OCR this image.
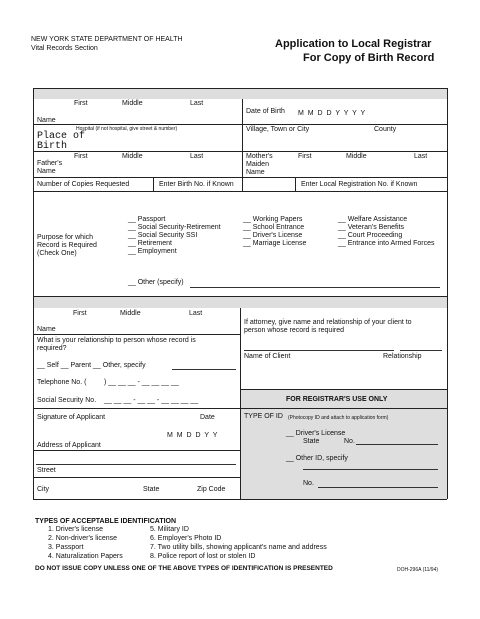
NEW YORK STATE DEPARTMENT OF HEALTH
Vital Records Section	Application to Local Registrar
For Copy of Birth Record
First	Middle	Last
Date of Birth M M D D Y Y Y Y
Name
Hospital (if not hospital, give street & number)
Place of
Birth
Village, Town or City	County
First	Middle	Last
Father's
Name
Mother's
Maiden
Name
First	Middle	Last
Number of Copies Requested	Enter Birth No. if Known	Enter Local Registration No. if Known
Purpose for which
Record is Required
(Check One)
__ Passport
__ Social Security-Retirement
__ Social Security SSI
__ Retirement
__ Employment
__ Working Papers
__ School Entrance
__ Driver's License
__ Marriage License
__ Welfare Assistance
__ Veteran's Benefits
__ Court Proceeding
__ Entrance into Armed Forces
__ Other (specify)
First	Middle	Last
Name
What is your relationship to person whose record is
required?
__ Self __ Parent __ Other, specify
Telephone No. (	) __ __ __ - __ __ __ __
Social Security No. __ __ __ - __ __ - __ __ __ __
Signature of Applicant	Date
M M D D Y Y
Address of Applicant
Street
City	State	Zip Code
If attorney, give name and relationship of your client to
person whose record is required
Name of Client	Relationship
FOR REGISTRAR'S USE ONLY
TYPE OF ID (Photocopy ID and attach to application form)
__ Driver's License
State	No.
__ Other ID, specify
No.
TYPES OF ACCEPTABLE IDENTIFICATION
1. Driver's license
2. Non-driver's license
3. Passport
4. Naturalization Papers
5. Military ID
6. Employer's Photo ID
7. Two utility bills, showing applicant's name and address
8. Police report of lost or stolen ID
DO NOT ISSUE COPY UNLESS ONE OF THE ABOVE TYPES OF IDENTIFICATION IS PRESENTED	DOH-296A (11/94)
